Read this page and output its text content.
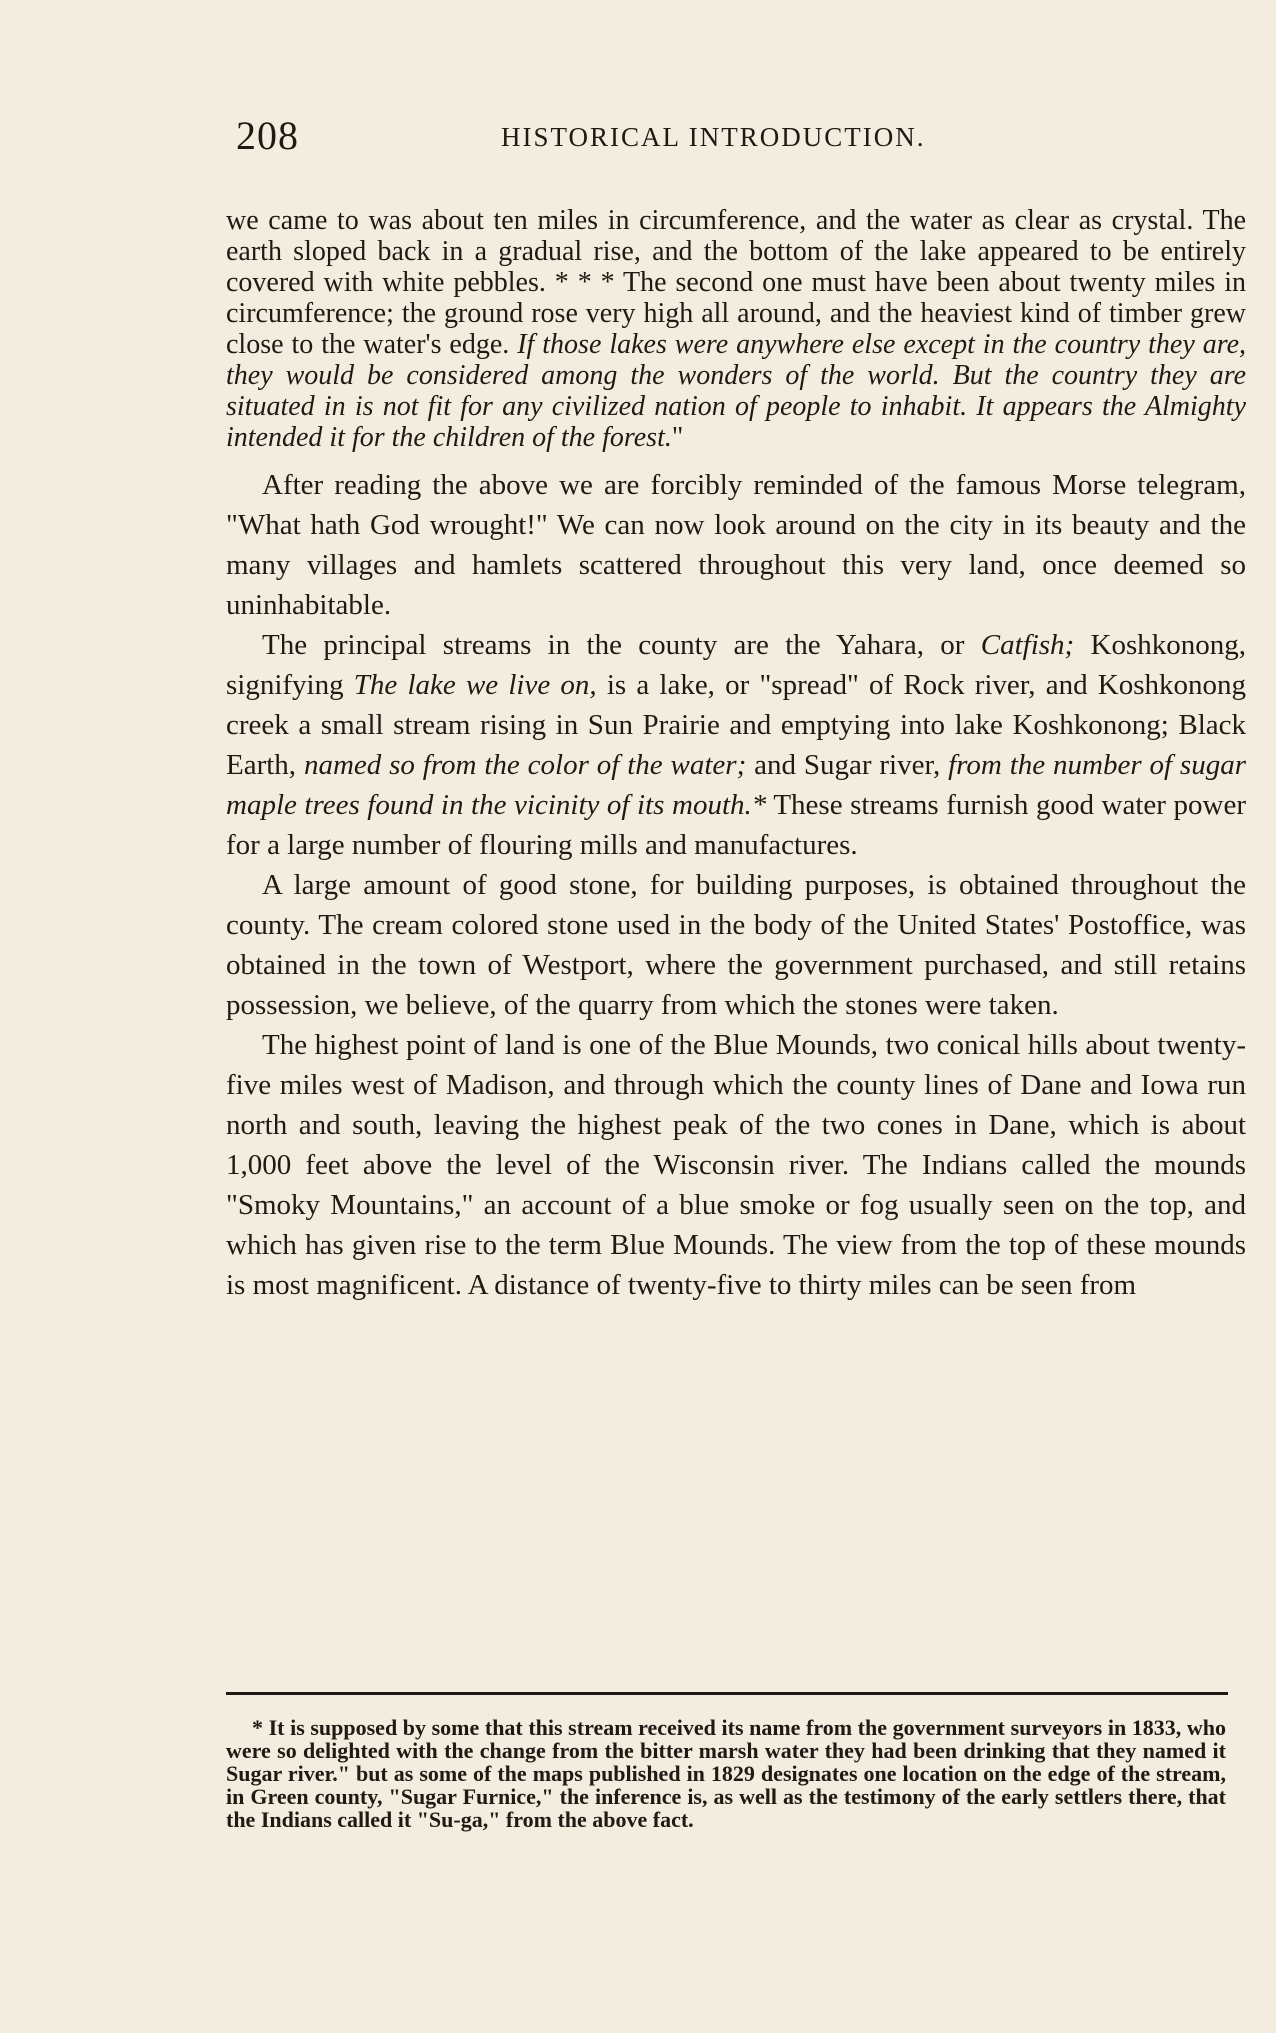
208	HISTORICAL INTRODUCTION.

we came to was about ten miles in circumference, and the water as clear as crystal. The earth sloped back in a gradual rise, and the bottom of the lake appeared to be entirely covered with white pebbles. * * * The second one must have been about twenty miles in circumference; the ground rose very high all around, and the heaviest kind of timber grew close to the water's edge. If those lakes were anywhere else except in the country they are, they would be considered among the wonders of the world. But the country they are situated in is not fit for any civilized nation of people to inhabit. It appears the Almighty intended it for the children of the forest."

After reading the above we are forcibly reminded of the famous Morse telegram, "What hath God wrought!" We can now look around on the city in its beauty and the many villages and hamlets scattered throughout this very land, once deemed so uninhabitable.

The principal streams in the county are the Yahara, or Catfish; Koshkonong, signifying The lake we live on, is a lake, or "spread" of Rock river, and Koshkonong creek a small stream rising in Sun Prairie and emptying into lake Koshkonong; Black Earth, named so from the color of the water; and Sugar river, from the number of sugar maple trees found in the vicinity of its mouth.* These streams furnish good water power for a large number of flouring mills and manufactures.

A large amount of good stone, for building purposes, is obtained throughout the county. The cream colored stone used in the body of the United States' Postoffice, was obtained in the town of Westport, where the government purchased, and still retains possession, we believe, of the quarry from which the stones were taken.

The highest point of land is one of the Blue Mounds, two conical hills about twenty-five miles west of Madison, and through which the county lines of Dane and Iowa run north and south, leaving the highest peak of the two cones in Dane, which is about 1,000 feet above the level of the Wisconsin river. The Indians called the mounds "Smoky Mountains," an account of a blue smoke or fog usually seen on the top, and which has given rise to the term Blue Mounds. The view from the top of these mounds is most magnificent. A distance of twenty-five to thirty miles can be seen from

* It is supposed by some that this stream received its name from the government surveyors in 1833, who were so delighted with the change from the bitter marsh water they had been drinking that they named it Sugar river." but as some of the maps published in 1829 designates one location on the edge of the stream, in Green county, "Sugar Furnice," the inference is, as well as the testimony of the early settlers there, that the Indians called it "Su-ga," from the above fact.
